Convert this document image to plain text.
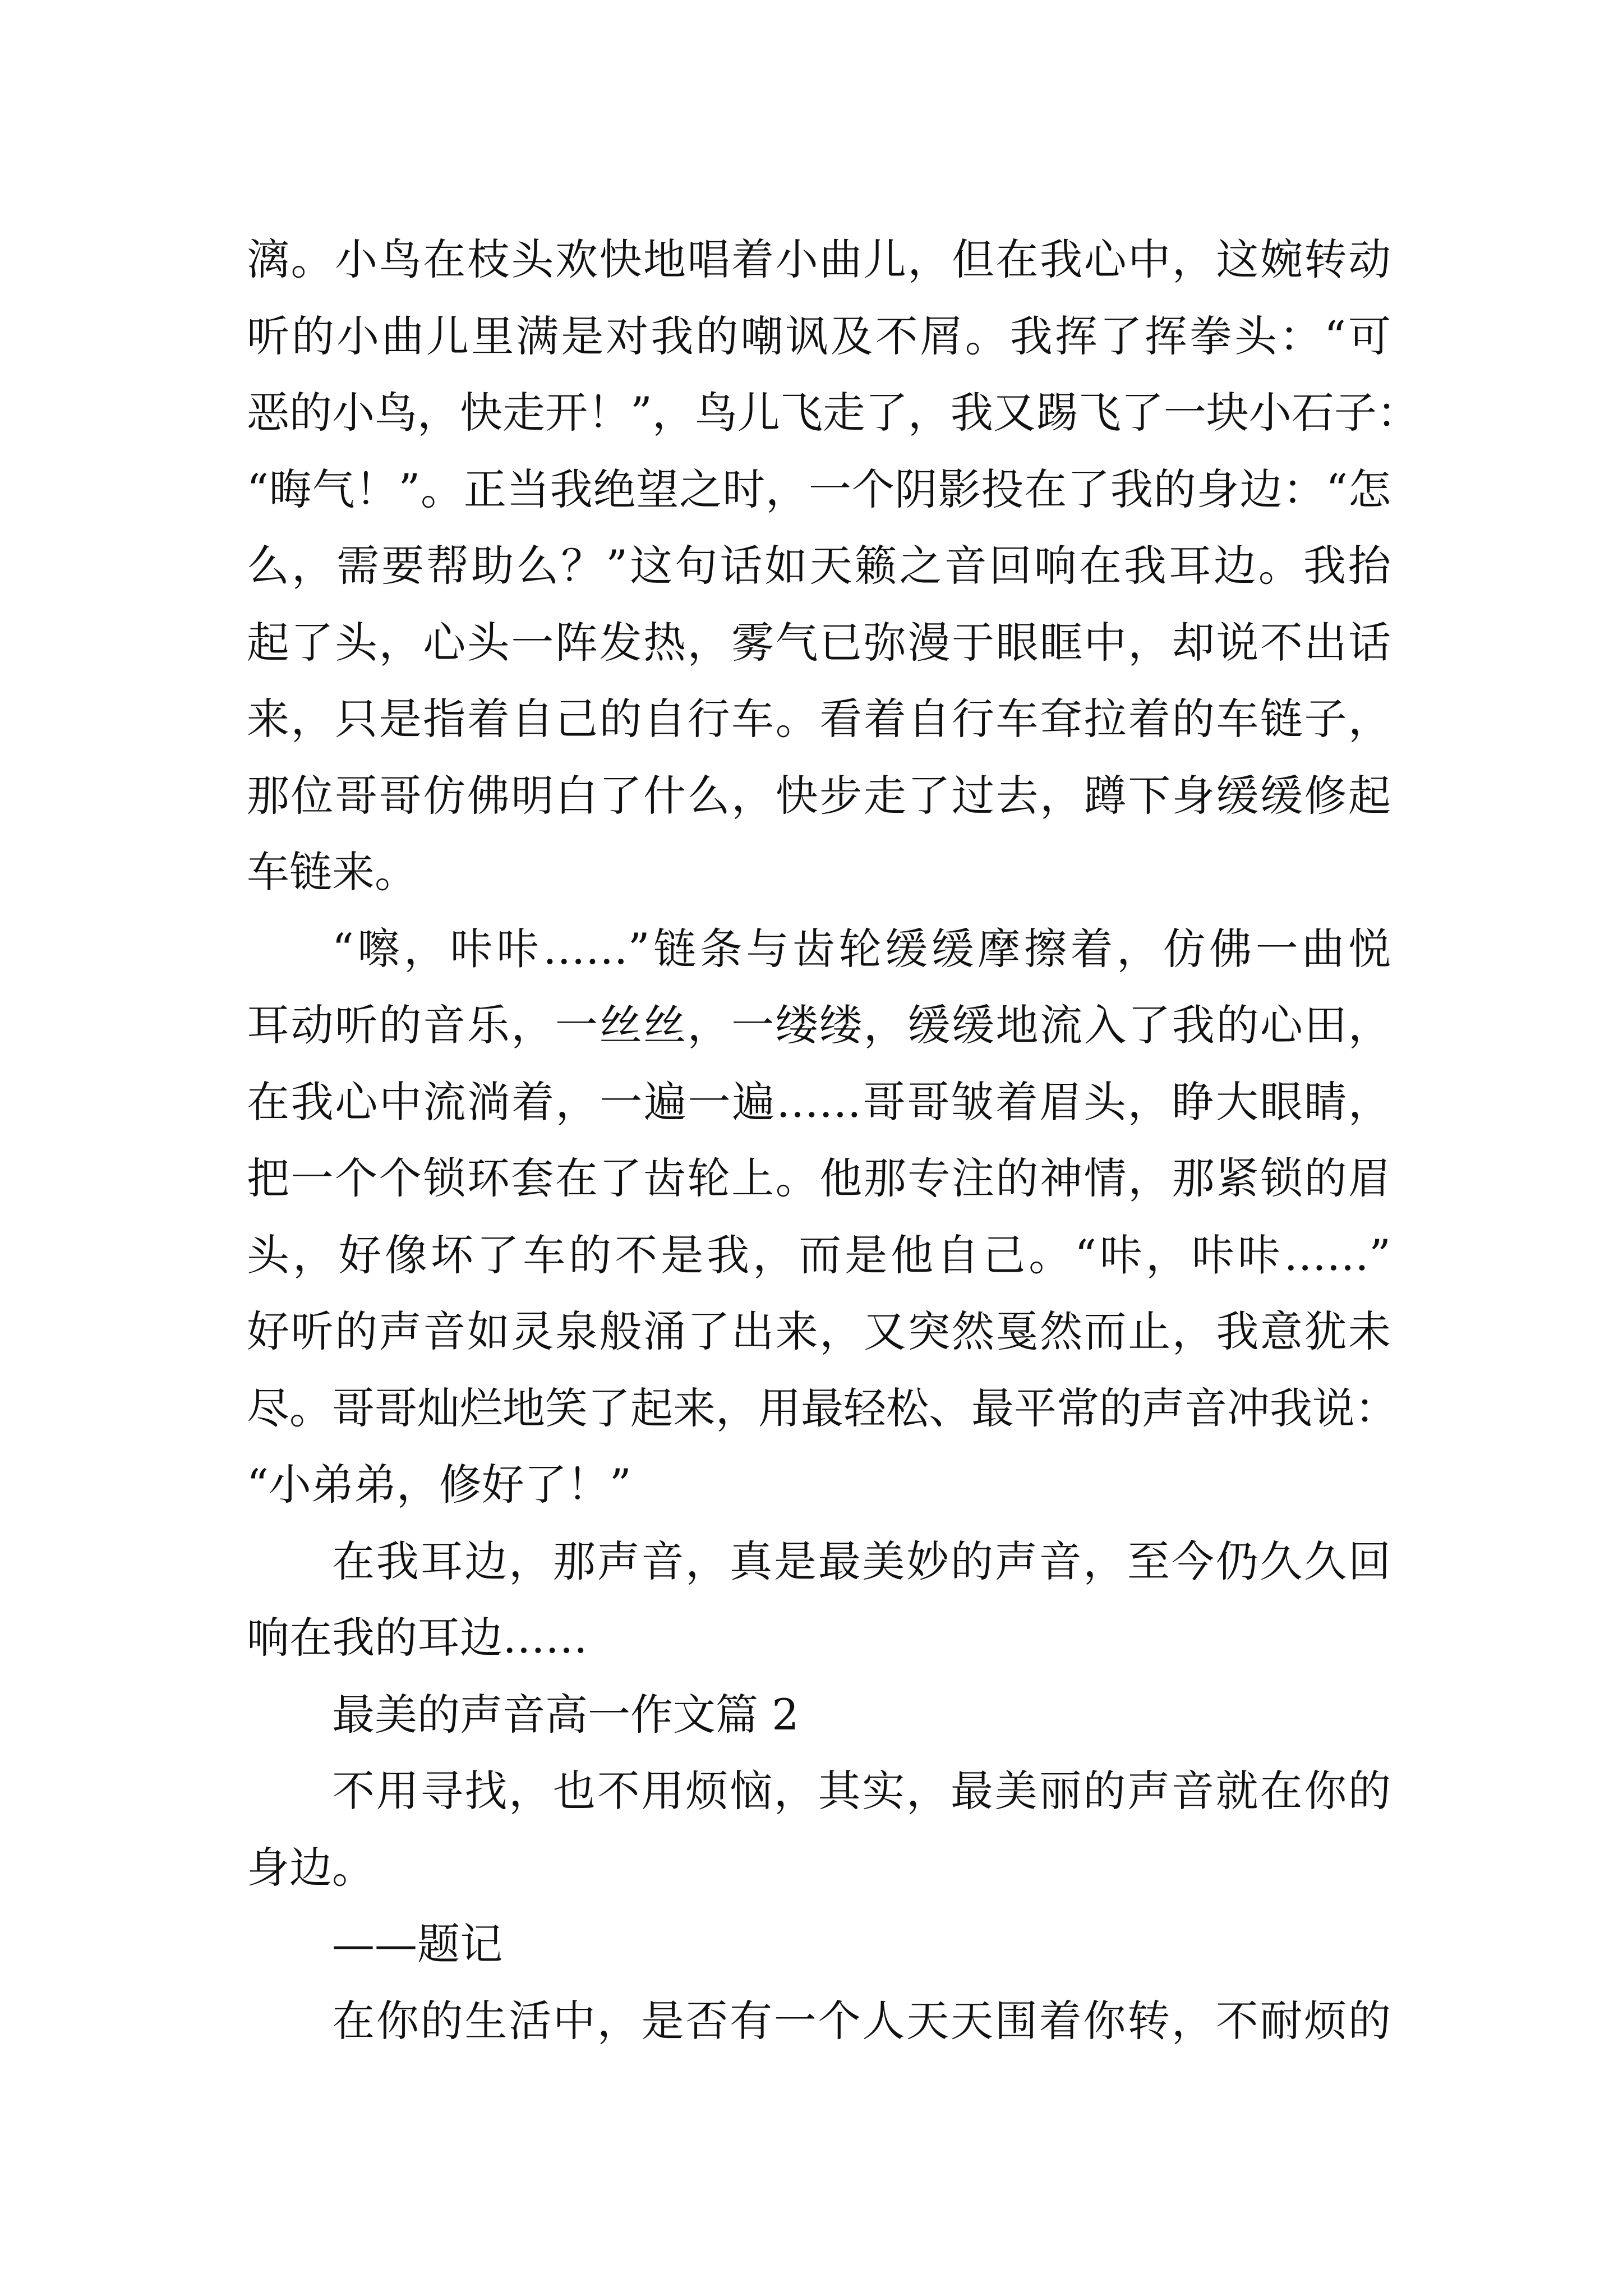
漓。小鸟在枝头欢快地唱着小曲儿，但在我心中，这婉转动
听的小曲儿里满是对我的嘲讽及不屑。我挥了挥拳头：“可
恶的小鸟，快走开！”，鸟儿飞走了，我又踢飞了一块小石子：
“晦气！”。正当我绝望之时，一个阴影投在了我的身边：“怎
么，需要帮助么？”这句话如天籁之音回响在我耳边。我抬
起了头，心头一阵发热，雾气已弥漫于眼眶中，却说不出话
来，只是指着自己的自行车。看着自行车耷拉着的车链子，
那位哥哥仿佛明白了什么，快步走了过去，蹲下身缓缓修起
车链来。
“嚓，咔咔……”链条与齿轮缓缓摩擦着，仿佛一曲悦
耳动听的音乐，一丝丝，一缕缕，缓缓地流入了我的心田，
在我心中流淌着，一遍一遍……哥哥皱着眉头，睁大眼睛，
把一个个锁环套在了齿轮上。他那专注的神情，那紧锁的眉
头，好像坏了车的不是我，而是他自己。“咔，咔咔……”
好听的声音如灵泉般涌了出来，又突然戛然而止，我意犹未
尽。哥哥灿烂地笑了起来，用最轻松、最平常的声音冲我说：
“小弟弟，修好了！”
在我耳边，那声音，真是最美妙的声音，至今仍久久回
响在我的耳边……
最美的声音高一作文篇 2
不用寻找，也不用烦恼，其实，最美丽的声音就在你的
身边。
——题记
在你的生活中，是否有一个人天天围着你转，不耐烦的
